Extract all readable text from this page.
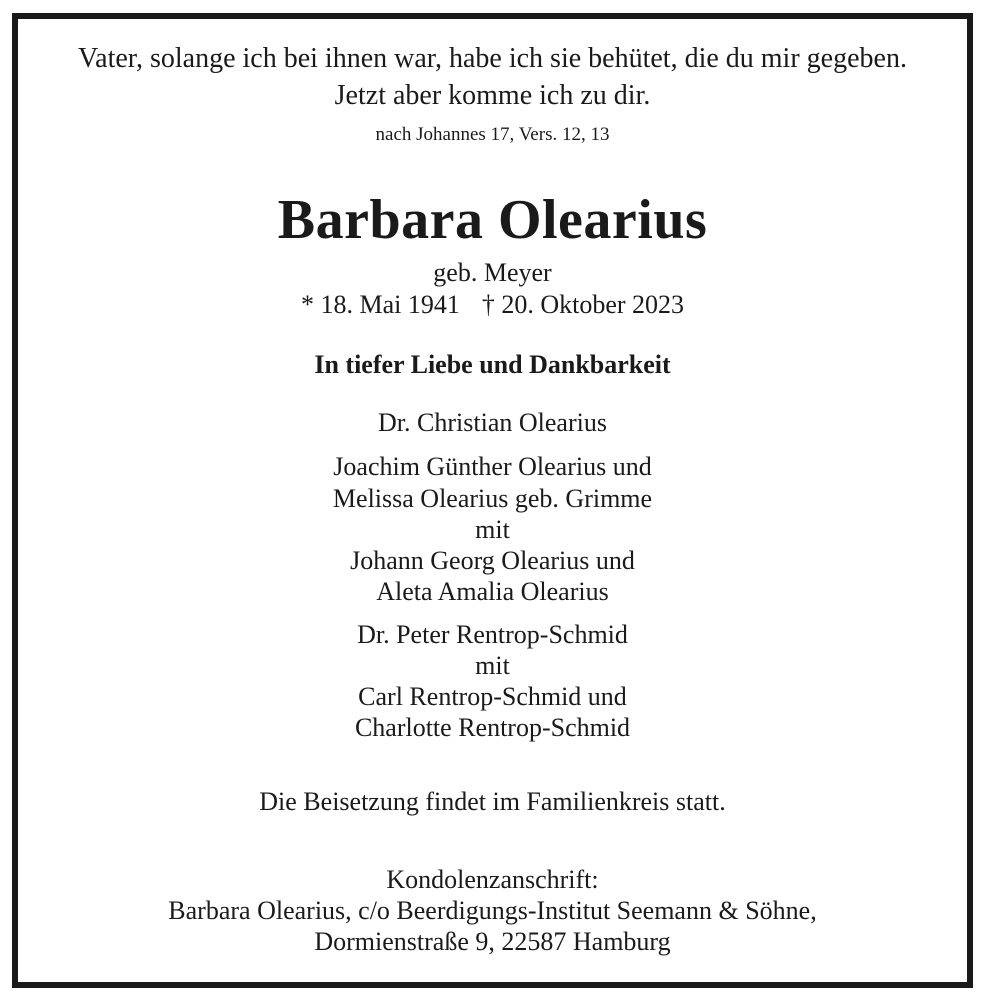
Vater, solange ich bei ihnen war, habe ich sie behütet, die du mir gegeben.

Jetzt aber komme ich zu dir.

nach Johannes 17, Vers. 12, 13

Barbara Olearius

geb. Meyer

* 18. Mai 1941 † 20. Oktober 2023

In tiefer Liebe und Dankbarkeit

Dr. Christian Olearius

Joachim Günther Olearius und

Melissa Olearius geb. Grimme

mit

Johann Georg Olearius und

Aleta Amalia Olearius

Dr. Peter Rentrop-Schmid

mit

Carl Rentrop-Schmid und

Charlotte Rentrop-Schmid

Die Beisetzung findet im Familienkreis statt.

Kondolenzanschrift:

Barbara Olearius, c/o Beerdigungs-Institut Seemann & Söhne,

Dormienstraße 9, 22587 Hamburg
